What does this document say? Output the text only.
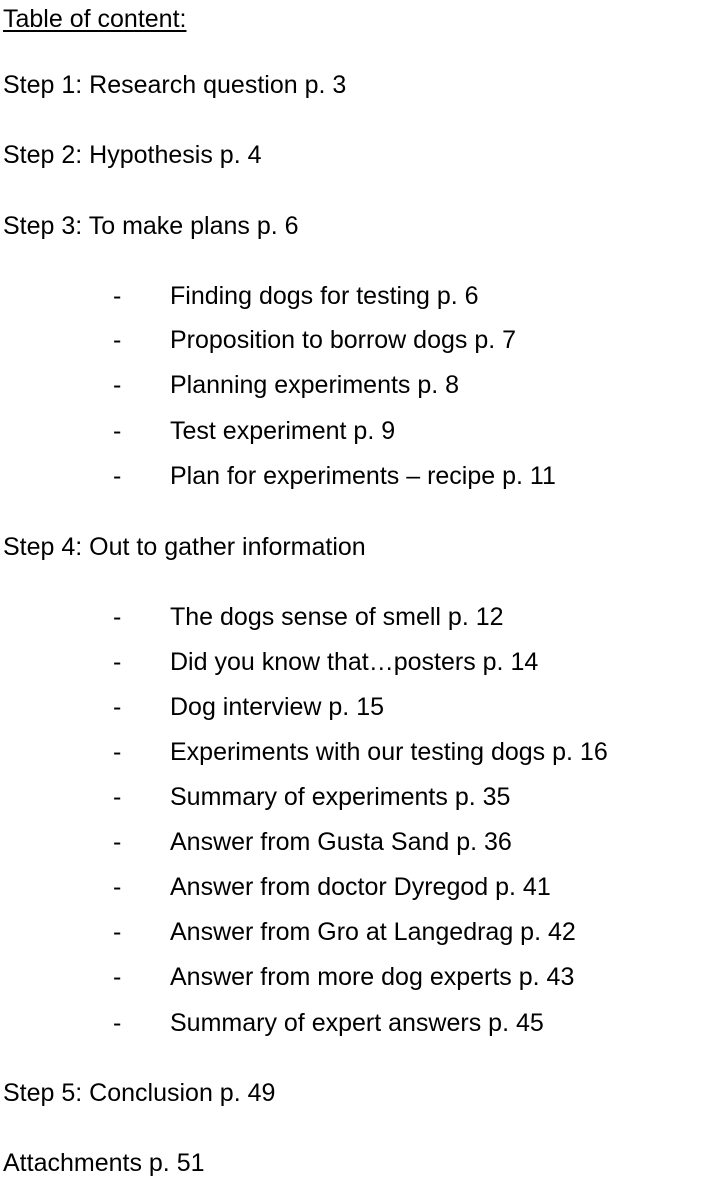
Table of content:
Step 1: Research question p. 3
Step 2: Hypothesis p. 4
Step 3: To make plans p. 6
- Finding dogs for testing p. 6
- Proposition to borrow dogs p. 7
- Planning experiments p. 8
- Test experiment p. 9
- Plan for experiments – recipe p. 11
Step 4: Out to gather information
- The dogs sense of smell p. 12
- Did you know that…posters p. 14
- Dog interview p. 15
- Experiments with our testing dogs p. 16
- Summary of experiments p. 35
- Answer from Gusta Sand p. 36
- Answer from doctor Dyregod p. 41
- Answer from Gro at Langedrag p. 42
- Answer from more dog experts p. 43
- Summary of expert answers p. 45
Step 5: Conclusion p. 49
Attachments p. 51
